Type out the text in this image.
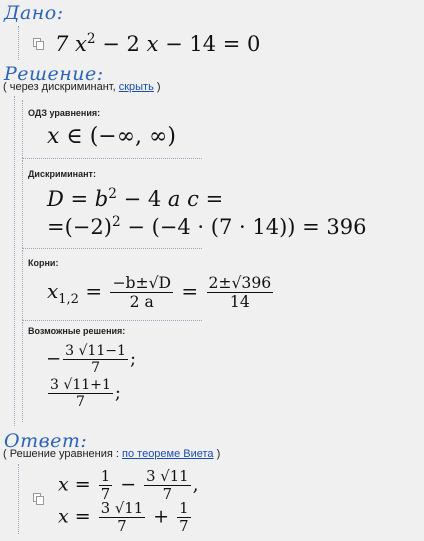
Дано:
7 $x^2 - 2$ x − 14 = 0
Решение:
( через дискриминант, скрыть )
ОДЗ уравнения:
x ∈ (−∞, ∞)
Дискриминант:
$D = b^2 - 4$ a c =
$=(-2)^2 - (-4 \cdot (7 \cdot 14)) = 396$
Корни:
$x_{1,2} = \frac{-b\pm√D}{2 a} = \frac{2\pm√396}{14}$
Возможные решения:
− $\frac{3 √11-1}{7}$ ;
$\frac{3 √11+1}{7}$ ;
Ответ:
( Решение уравнения : по теореме Виета )
$x = \frac{1}{7} - \frac{3 √11}{7}$ ,
$x = \frac{3 √11}{7} + \frac{1}{7}$
